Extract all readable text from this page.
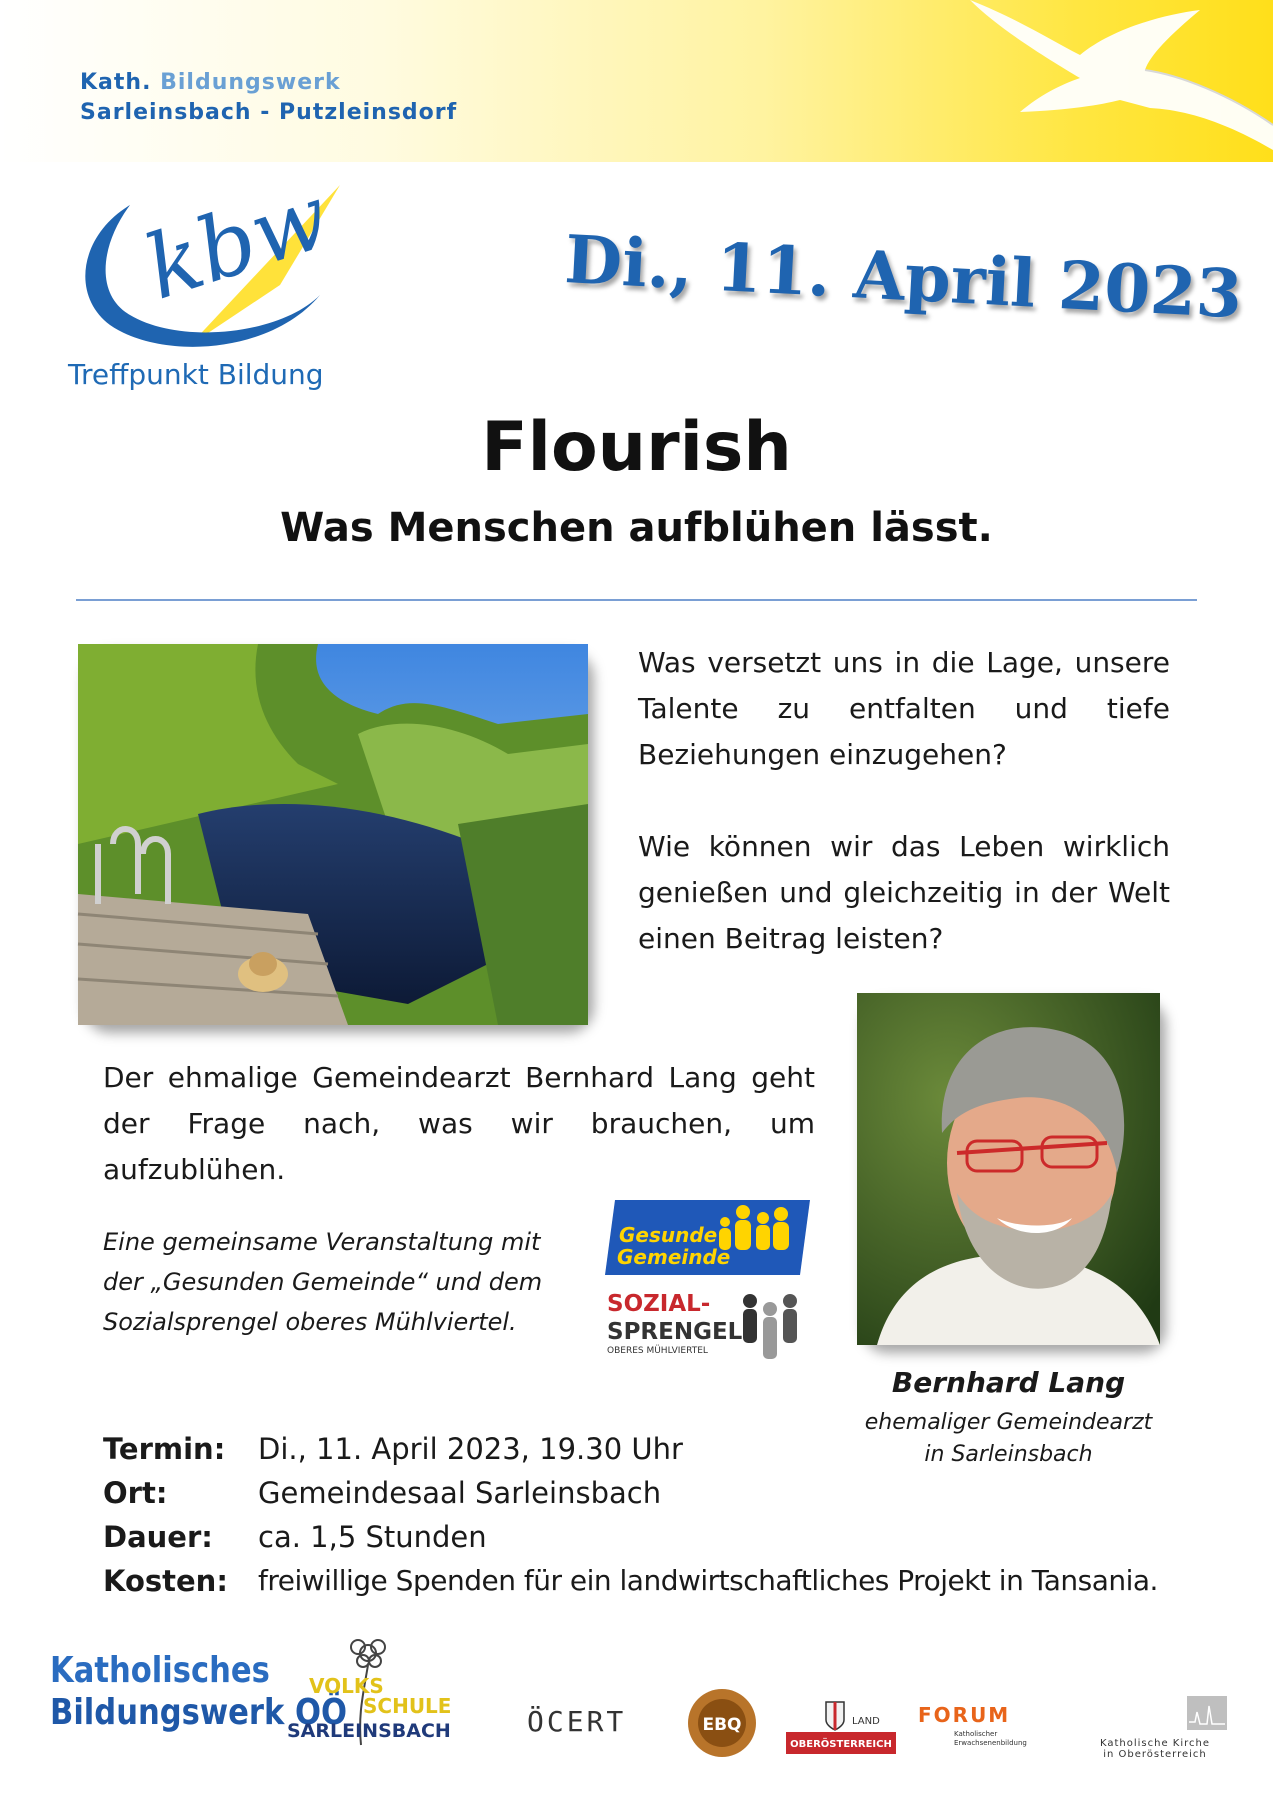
Kath. Bildungswerk
Sarleinsbach - Putzleinsdorf
kbw
Treffpunkt Bildung
Di., 11. April 2023
Flourish
Was Menschen aufblühen lässt.
Was versetzt uns in die Lage, unsere Talente zu entfalten und tiefe Beziehungen einzugehen?
Wie können wir das Leben wirklich genießen und gleichzeitig in der Welt einen Beitrag leisten?
Der ehmalige Gemeindearzt Bernhard Lang geht der Frage nach, was wir brauchen, um aufzublühen.
Eine gemeinsame Veranstaltung mit der „Gesunden Gemeinde“ und dem Sozialsprengel oberes Mühlviertel.
Gesunde
Gemeinde
SOZIAL-
SPRENGEL
OBERES MÜHLVIERTEL
Bernhard Lang
ehemaliger Gemeindearzt
in Sarleinsbach
Termin: Di., 11. April 2023, 19.30 Uhr
Ort:	Gemeindesaal Sarleinsbach
Dauer: ca. 1,5 Stunden
Kosten: freiwillige Spenden für ein landwirtschaftliches Projekt in Tansania.
Katholisches
Bildungswerk OÖ
VOLKS
SCHULE
SARLEINSBACH	ÖCERT	EBQ	LAND
OBERÖSTERREICH
FORUM
Katholischer
Erwachsenenbildung	Katholische Kirche
in Oberösterreich
